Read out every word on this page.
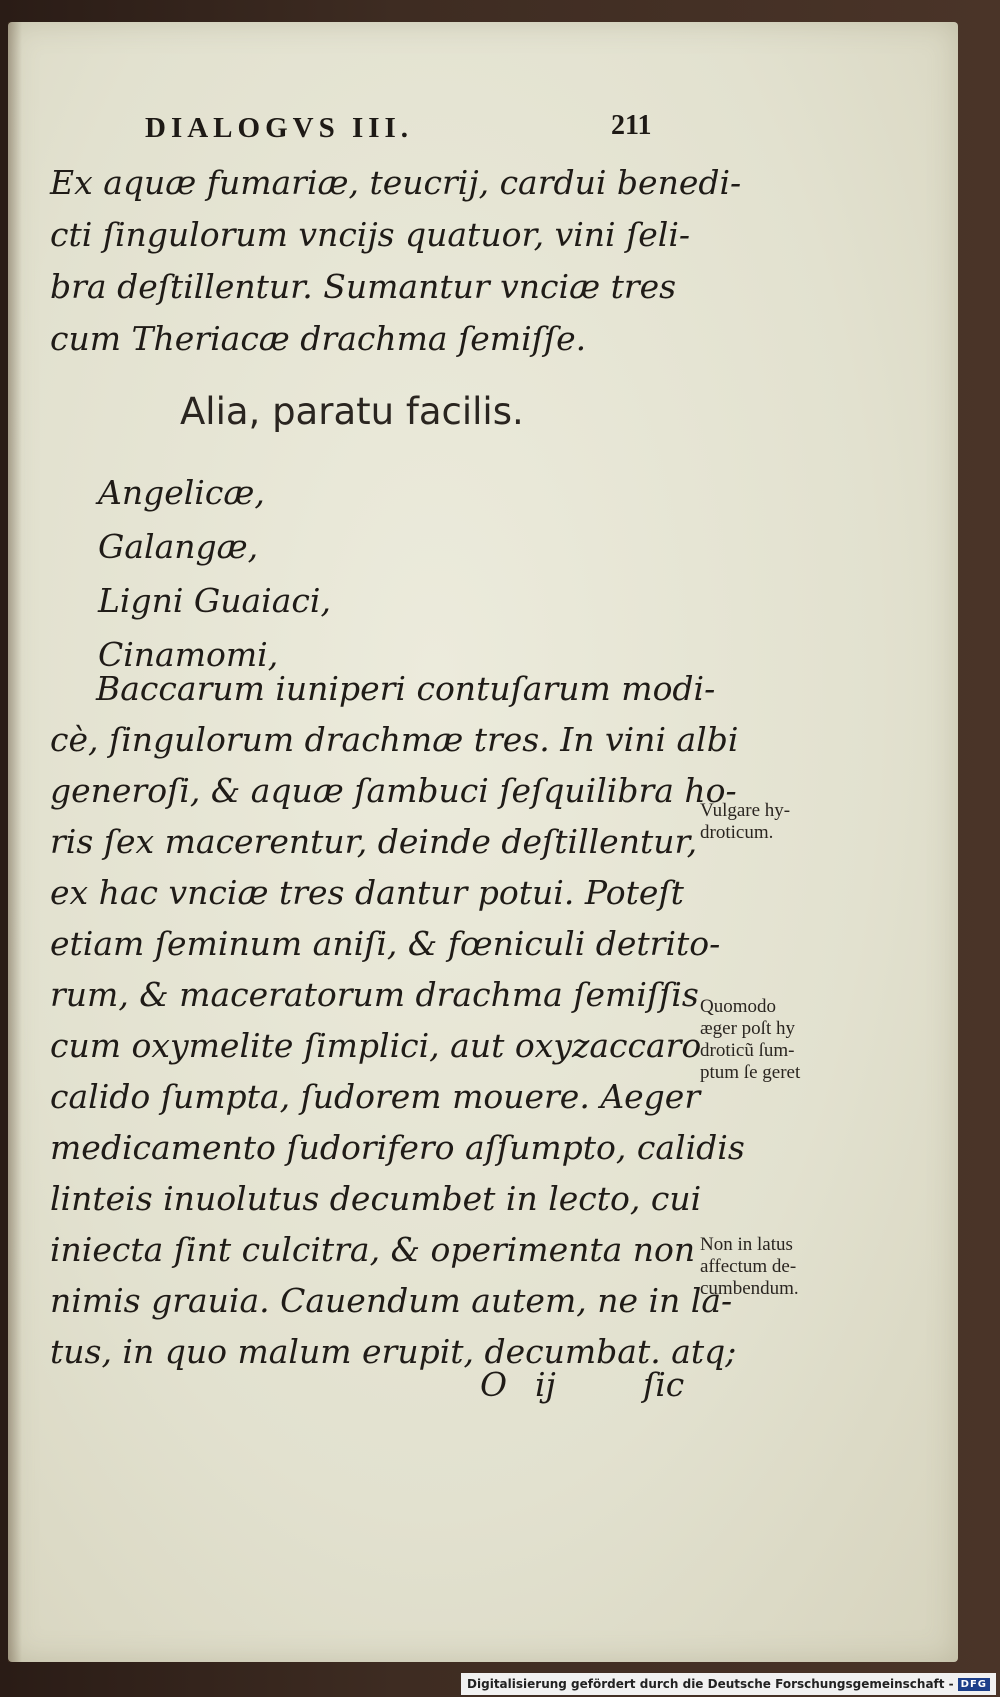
DIALOGVS III.	211
Ex aquæ fumariæ, teucrij, cardui benedi-
cti ſingulorum vncijs quatuor, vini ſeli-
bra deſtillentur. Sumantur vnciæ tres
cum Theriacæ drachma ſemiſſe.
Alia, paratu facilis.
Angelicæ,
Galangæ,
Ligni Guaiaci,
Cinamomi,
Baccarum iuniperi contuſarum modi-
cè, ſingulorum drachmæ tres. In vini albi
generoſi, & aquæ ſambuci ſeſquilibra ho-
ris ſex macerentur, deinde deſtillentur,
ex hac vnciæ tres dantur potui. Poteſt
etiam ſeminum aniſi, & fœniculi detrito-
rum, & maceratorum drachma ſemiſſis
cum oxymelite ſimplici, aut oxyzaccaro
calido ſumpta, ſudorem mouere. Aeger
medicamento ſudorifero aſſumpto, calidis
linteis inuolutus decumbet in lecto, cui
iniecta ſint culcitra, & operimenta non
nimis grauia. Cauendum autem, ne in la-
tus, in quo malum erupit, decumbat. atq;
Vulgare hy-
droticum.
Quomodo
æger poſt hy
droticũ ſum-
ptum ſe geret
Non in latus
affectum de-
cumbendum.
O ij	ſic
Digitalisierung gefördert durch die Deutsche Forschungsgemeinschaft - DFG
